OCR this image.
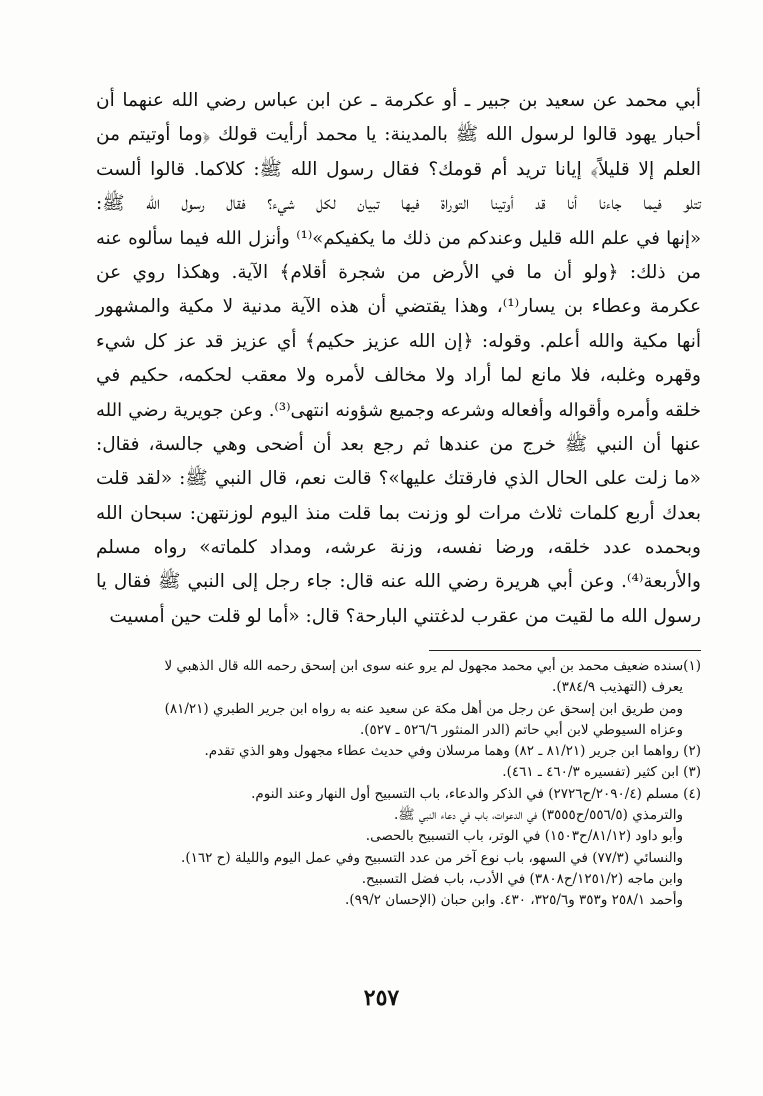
أبي محمد عن سعيد بن جبير ـ أو عكرمة ـ عن ابن عباس رضي الله عنهما أن
أحبار يهود قالوا لرسول الله ﷺ بالمدينة: يا محمد أرأيت قولك ﴿وما أوتيتم من
العلم إلا قليلاً﴾ إيانا تريد أم قومك؟ فقال رسول الله ﷺ: كلاكما. قالوا ألست
تتلو فيما جاءنا أنا قد أوتينا التوراة فيها تبيان لكل شيء؟ فقال رسول الله ﷺ:
«إنها في علم الله قليل وعندكم من ذلك ما يكفيكم»⁽¹⁾ وأنزل الله فيما سألوه عنه
من ذلك: ﴿ولو أن ما في الأرض من شجرة أقلام﴾ الآية. وهكذا روي عن
عكرمة وعطاء بن يسار⁽¹⁾، وهذا يقتضي أن هذه الآية مدنية لا مكية والمشهور
أنها مكية والله أعلم. وقوله: ﴿إن الله عزيز حكيم﴾ أي عزيز قد عز كل شيء
وقهره وغلبه، فلا مانع لما أراد ولا مخالف لأمره ولا معقب لحكمه، حكيم في
خلقه وأمره وأقواله وأفعاله وشرعه وجميع شؤونه انتهى⁽³⁾. وعن جويرية رضي الله
عنها أن النبي ﷺ خرج من عندها ثم رجع بعد أن أضحى وهي جالسة، فقال:
«ما زلت على الحال الذي فارقتك عليها»؟ قالت نعم، قال النبي ﷺ: «لقد قلت
بعدك أربع كلمات ثلاث مرات لو وزنت بما قلت منذ اليوم لوزنتهن: سبحان الله
وبحمده عدد خلقه، ورضا نفسه، وزنة عرشه، ومداد كلماته» رواه مسلم
والأربعة⁽⁴⁾. وعن أبي هريرة رضي الله عنه قال: جاء رجل إلى النبي ﷺ فقال يا
رسول الله ما لقيت من عقرب لدغتني البارحة؟ قال: «أما لو قلت حين أمسيت
(١)سنده ضعيف محمد بن أبي محمد مجهول لم يرو عنه سوى ابن إسحق رحمه الله قال الذهبي لا
يعرف (التهذيب ٣٨٤/٩).
ومن طريق ابن إسحق عن رجل من أهل مكة عن سعيد عنه به رواه ابن جرير الطبري (٨١/٢١)
وعزاه السيوطي لابن أبي حاتم (الدر المنثور ٥٢٦/٦ ـ ٥٢٧).
(٢) رواهما ابن جرير (٨١/٢١ ـ ٨٢) وهما مرسلان وفي حديث عطاء مجهول وهو الذي تقدم.
(٣) ابن كثير (تفسيره ٤٦٠/٣ ـ ٤٦١).
(٤) مسلم (٢٠٩٠/٤/ح٢٧٢٦) في الذكر والدعاء، باب التسبيح أول النهار وعند النوم.
والترمذي (٥٥٦/٥/ح٣٥٥٥) في الدعوات، باب في دعاء النبي ﷺ.
وأبو داود (٨١/١٢/ح١٥٠٣) في الوتر، باب التسبيح بالحصى.
والنسائي (٧٧/٣) في السهو، باب نوع آخر من عدد التسبيح وفي عمل اليوم والليلة (ح ١٦٢).
وابن ماجه (١٢٥١/٢/ح٣٨٠٨) في الأدب، باب فضل التسبيح.
وأحمد ٢٥٨/١ و٣٥٣ و٣٢٥/٦، ٤٣٠. وابن حبان (الإحسان ٩٩/٢).
٢٥٧
